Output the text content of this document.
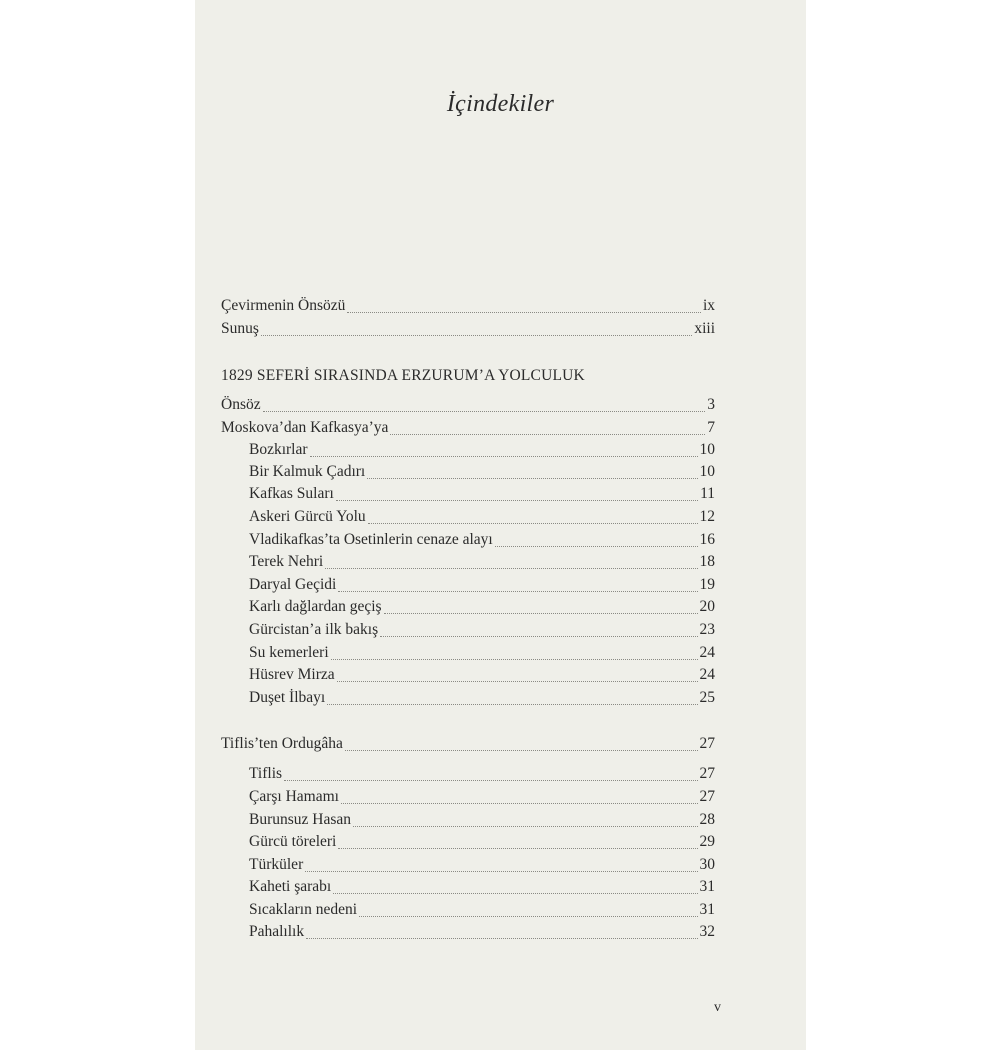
İçindekiler
Çevirmenin Önsözü	ix
Sunuş	xiii
1829 SEFERİ SIRASINDA ERZURUM’A YOLCULUK
Önsöz	3
Moskova’dan Kafkasya’ya	7
Bozkırlar	10
Bir Kalmuk Çadırı	10
Kafkas Suları	11
Askeri Gürcü Yolu	12
Vladikafkas’ta Osetinlerin cenaze alayı	16
Terek Nehri	18
Daryal Geçidi	19
Karlı dağlardan geçiş	20
Gürcistan’a ilk bakış	23
Su kemerleri	24
Hüsrev Mirza	24
Duşet İlbayı	25
Tiflis’ten Ordugâha	27
Tiflis	27
Çarşı Hamamı	27
Burunsuz Hasan	28
Gürcü töreleri	29
Türküler	30
Kaheti şarabı	31
Sıcakların nedeni	31
Pahalılık	32
v
